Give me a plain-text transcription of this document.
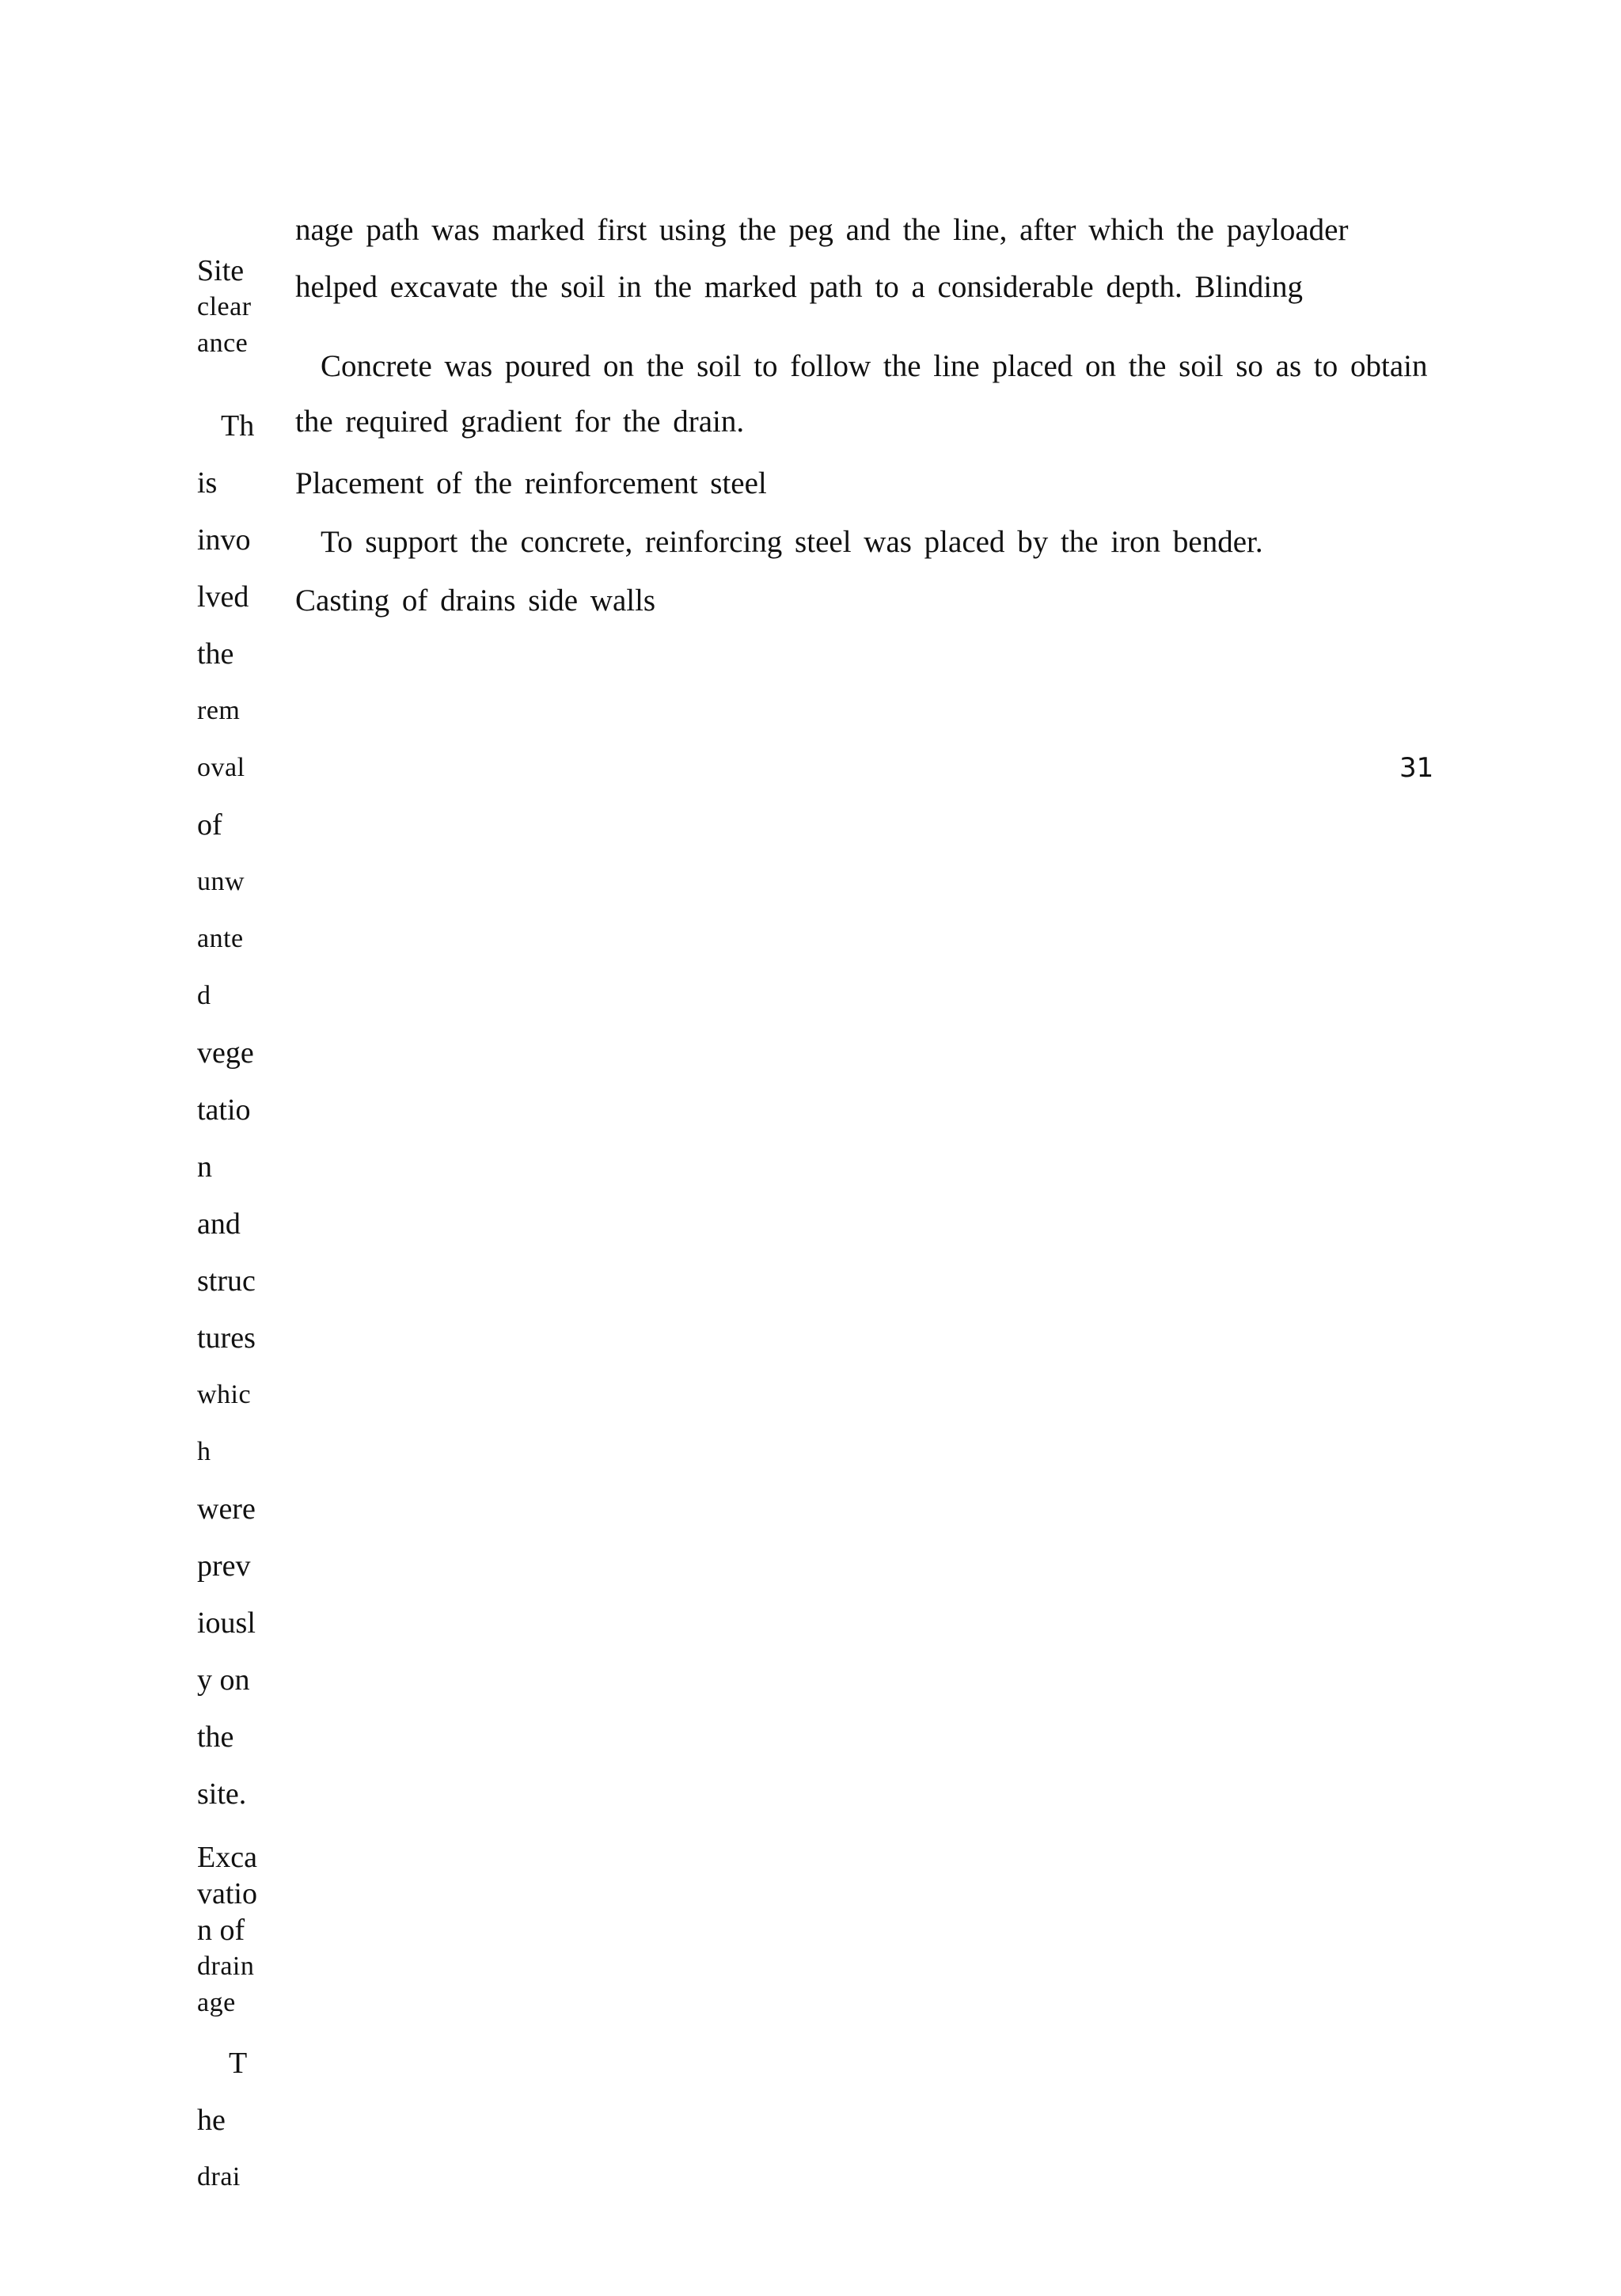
Site
clear
ance
Th
is
invo
lved
the
rem
oval
of
unw
ante
d
vege
tatio
n
and
struc
tures
whic
h
were
prev
iousl
y on
the
site.
Exca
vatio
n of
drain
age
T
he
drai
nage path was marked first using the peg and the line, after which the payloader
helped excavate the soil in the marked path to a considerable depth. Blinding
Concrete was poured on the soil to follow the line placed on the soil so as to obtain
the required gradient for the drain.
Placement of the reinforcement steel
To support the concrete, reinforcing steel was placed by the iron bender.
Casting of drains side walls
31
